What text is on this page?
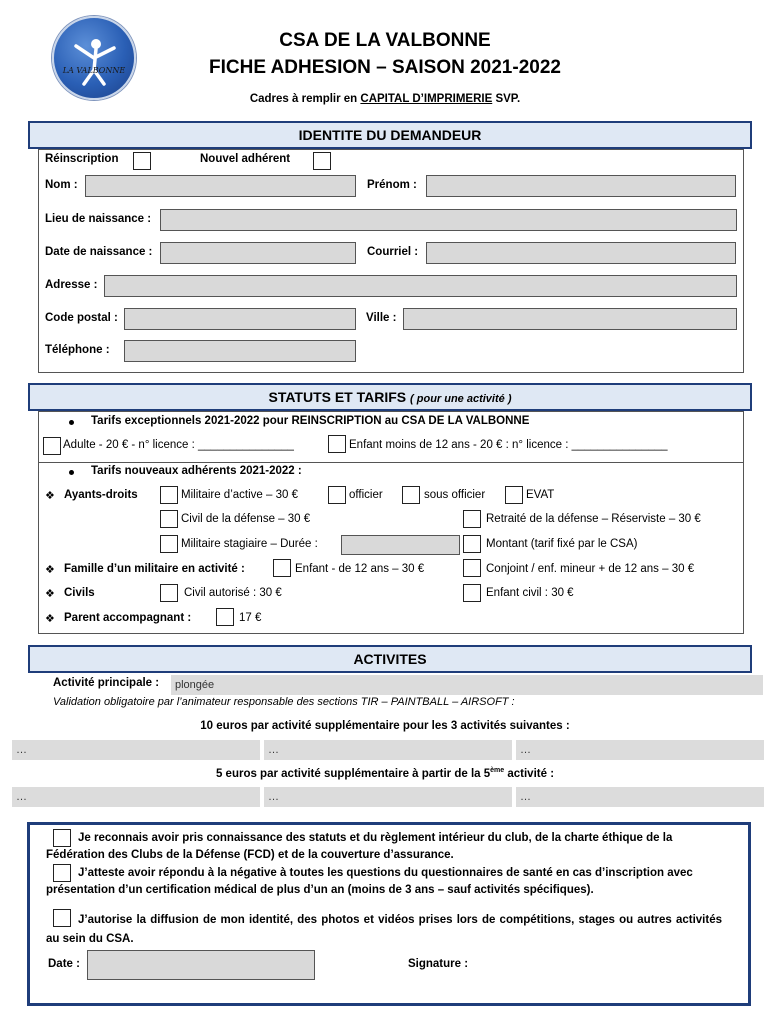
LA VALBONNE
CSA DE LA VALBONNE
FICHE ADHESION – SAISON 2021-2022
Cadres à remplir en CAPITAL D’IMPRIMERIE SVP.
IDENTITE DU DEMANDEUR
Réinscription	Nouvel adhérent
Nom :	Prénom :
Lieu de naissance :
Date de naissance :	Courriel :
Adresse :
Code postal :	Ville :
Téléphone :
STATUTS ET TARIFS ( pour une activité )
Tarifs exceptionnels 2021-2022 pour REINSCRIPTION au CSA DE LA VALBONNE
Adulte - 20 € - n° licence : _______________	Enfant moins de 12 ans - 20 € : n° licence : _______________
Tarifs nouveaux adhérents 2021-2022 :
❖ Ayants-droits	Militaire d’active – 30 €	officier	sous officier	EVAT
Civil de la défense – 30 €	Retraité de la défense – Réserviste – 30 €
Militaire stagiaire – Durée :	Montant (tarif fixé par le CSA)
❖ Famille d’un militaire en activité :	Enfant - de 12 ans – 30 €	Conjoint / enf. mineur + de 12 ans – 30 €
❖ Civils	Civil autorisé : 30 €	Enfant civil : 30 €
❖ Parent accompagnant :	17 €
ACTIVITES
Activité principale :	plongée
Validation obligatoire par l’animateur responsable des sections TIR – PAINTBALL – AIRSOFT :
10 euros par activité supplémentaire pour les 3 activités suivantes :
…	…	…
5 euros par activité supplémentaire à partir de la 5ème activité :
…	…	…
Je reconnais avoir pris connaissance des statuts et du règlement intérieur du club, de la charte éthique de la Fédération des Clubs de la Défense (FCD) et de la couverture d’assurance.
J’atteste avoir répondu à la négative à toutes les questions du questionnaires de santé en cas d’inscription avec présentation d’un certification médical de plus d’un an (moins de 3 ans – sauf activités spécifiques).
J’autorise la diffusion de mon identité, des photos et vidéos prises lors de compétitions, stages ou autres activités au sein du CSA.
Date :	Signature :
